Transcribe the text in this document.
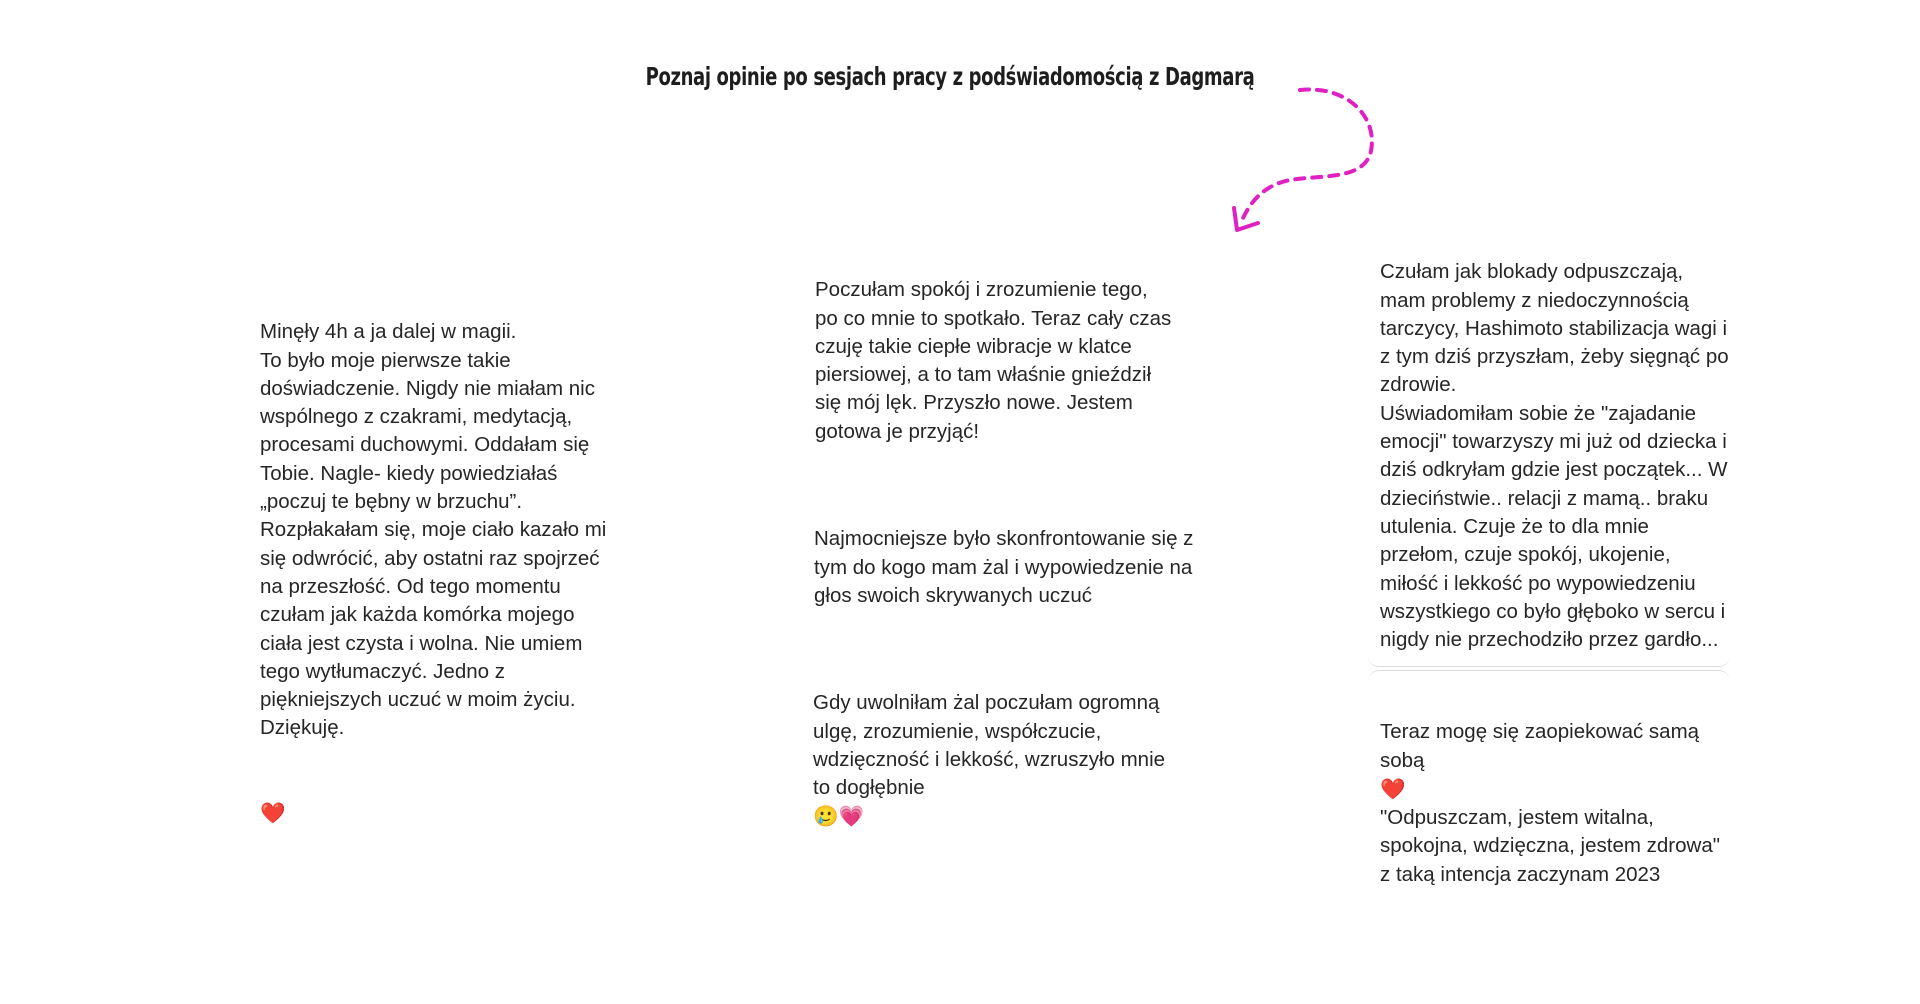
Poznaj opinie po sesjach pracy z podświadomością z Dagmarą

Minęły 4h a ja dalej w magii.
To było moje pierwsze takie doświadczenie. Nigdy nie miałam nic wspólnego z czakrami, medytacją, procesami duchowymi. Oddałam się Tobie. Nagle- kiedy powiedziałaś „poczuj te bębny w brzuchu”. Rozpłakałam się, moje ciało kazało mi się odwrócić, aby ostatni raz spojrzeć na przeszłość. Od tego momentu czułam jak każda komórka mojego ciała jest czysta i wolna. Nie umiem tego wytłumaczyć. Jedno z piękniejszych uczuć w moim życiu. Dziękuję.

❤️

Poczułam spokój i zrozumienie tego, po co mnie to spotkało. Teraz cały czas czuję takie ciepłe wibracje w klatce piersiowej, a to tam właśnie gnieździł się mój lęk. Przyszło nowe. Jestem gotowa je przyjąć!

Najmocniejsze było skonfrontowanie się z tym do kogo mam żal i wypowiedzenie na głos swoich skrywanych uczuć

Gdy uwolniłam żal poczułam ogromną ulgę, zrozumienie, współczucie, wdzięczność i lekkość, wzruszyło mnie to dogłębnie
🥲💗

Czułam jak blokady odpuszczają, mam problemy z niedoczynnością tarczycy, Hashimoto stabilizacja wagi i z tym dziś przyszłam, żeby sięgnąć po zdrowie.
Uświadomiłam sobie że "zajadanie emocji" towarzyszy mi już od dziecka i dziś odkryłam gdzie jest początek... W dzieciństwie.. relacji z mamą.. braku utulenia. Czuje że to dla mnie przełom, czuje spokój, ukojenie, miłość i lekkość po wypowiedzeniu wszystkiego co było głęboko w sercu i nigdy nie przechodziło przez gardło...

Teraz mogę się zaopiekować samą sobą
❤️
"Odpuszczam, jestem witalna, spokojna, wdzięczna, jestem zdrowa" z taką intencja zaczynam 2023
